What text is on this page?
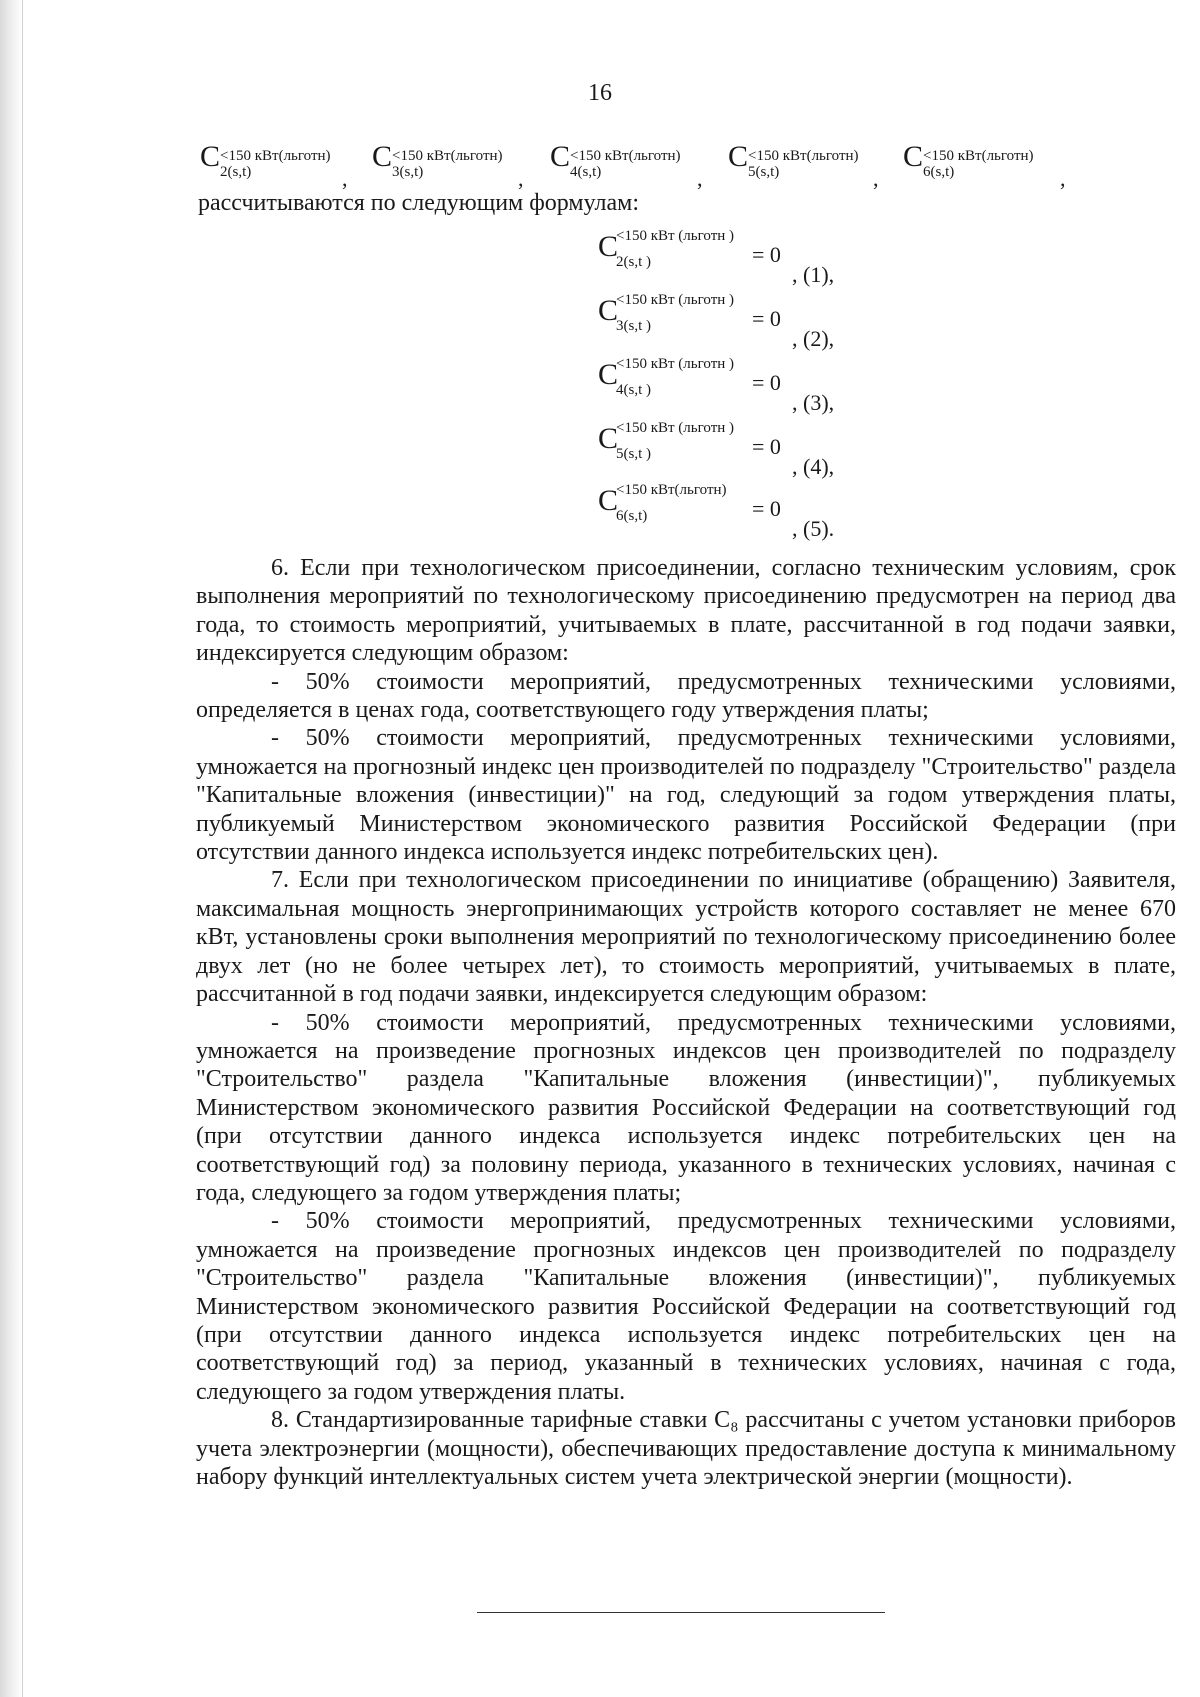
16
C <150 кВт(льготн)
2(s,t)	,
C <150 кВт(льготн)
3(s,t)	,
C <150 кВт(льготн)
4(s,t)	,
C <150 кВт(льготн)
5(s,t)	,
C <150 кВт(льготн)
6(s,t)	,
рассчитываются по следующим формулам:
C
<150 кВт (льготн )
2(s,t )	= 0
, (1),
C
<150 кВт (льготн )
3(s,t )	= 0
, (2),
C
<150 кВт (льготн )
4(s,t )	= 0
, (3),
C
<150 кВт (льготн )
5(s,t )	= 0
, (4),
C
<150 кВт(льготн)
6(s,t)	= 0
, (5).

6. Если при технологическом присоединении, согласно техническим условиям, срок выполнения мероприятий по технологическому присоединению предусмотрен на период два года, то стоимость мероприятий, учитываемых в плате, рассчитанной в год подачи заявки, индексируется следующим образом:

- 50% стоимости мероприятий, предусмотренных техническими условиями, определяется в ценах года, соответствующего году утверждения платы;

- 50% стоимости мероприятий, предусмотренных техническими условиями, умножается на прогнозный индекс цен производителей по подразделу "Строительство" раздела "Капитальные вложения (инвестиции)" на год, следующий за годом утверждения платы, публикуемый Министерством экономического развития Российской Федерации (при отсутствии данного индекса используется индекс потребительских цен).

7. Если при технологическом присоединении по инициативе (обращению) Заявителя, максимальная мощность энергопринимающих устройств которого составляет не менее 670 кВт, установлены сроки выполнения мероприятий по технологическому присоединению более двух лет (но не более четырех лет), то стоимость мероприятий, учитываемых в плате, рассчитанной в год подачи заявки, индексируется следующим образом:

- 50% стоимости мероприятий, предусмотренных техническими условиями, умножается на произведение прогнозных индексов цен производителей по подразделу "Строительство" раздела "Капитальные вложения (инвестиции)", публикуемых Министерством экономического развития Российской Федерации на соответствующий год (при отсутствии данного индекса используется индекс потребительских цен на соответствующий год) за половину периода, указанного в технических условиях, начиная с года, следующего за годом утверждения платы;

- 50% стоимости мероприятий, предусмотренных техническими условиями, умножается на произведение прогнозных индексов цен производителей по подразделу "Строительство" раздела "Капитальные вложения (инвестиции)", публикуемых Министерством экономического развития Российской Федерации на соответствующий год (при отсутствии данного индекса используется индекс потребительских цен на соответствующий год) за период, указанный в технических условиях, начиная с года, следующего за годом утверждения платы.

8. Стандартизированные тарифные ставки С₈ рассчитаны с учетом установки приборов учета электроэнергии (мощности), обеспечивающих предоставление доступа к минимальному набору функций интеллектуальных систем учета электрической энергии (мощности).
